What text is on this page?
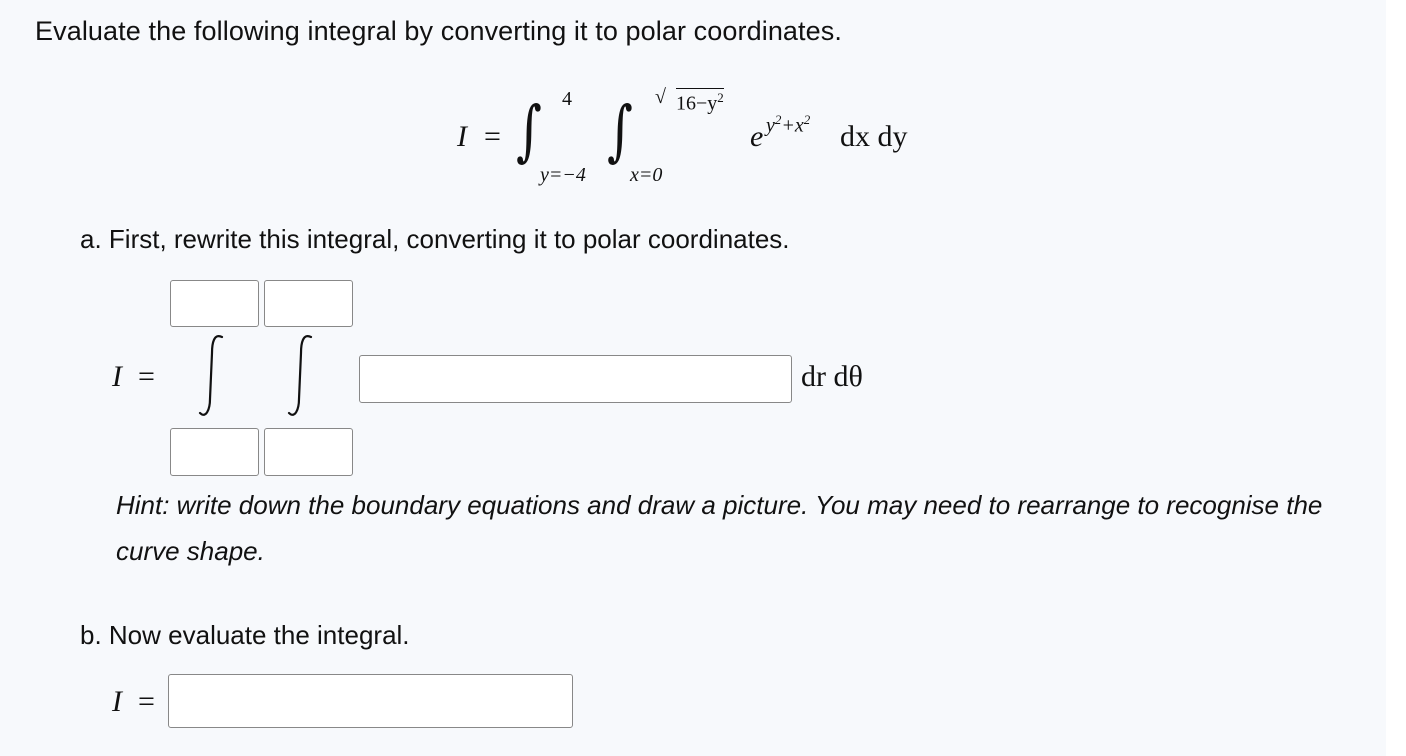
Evaluate the following integral by converting it to polar coordinates.
I = ∫ 4
y=−4
∫ √ $16-y^2$
x=0
e $y^2+x^2$
dx dy
a. First, rewrite this integral, converting it to polar coordinates.
I =	dr dθ
Hint: write down the boundary equations and draw a picture. You may need to rearrange to recognise the curve shape.
b. Now evaluate the integral.
I =
